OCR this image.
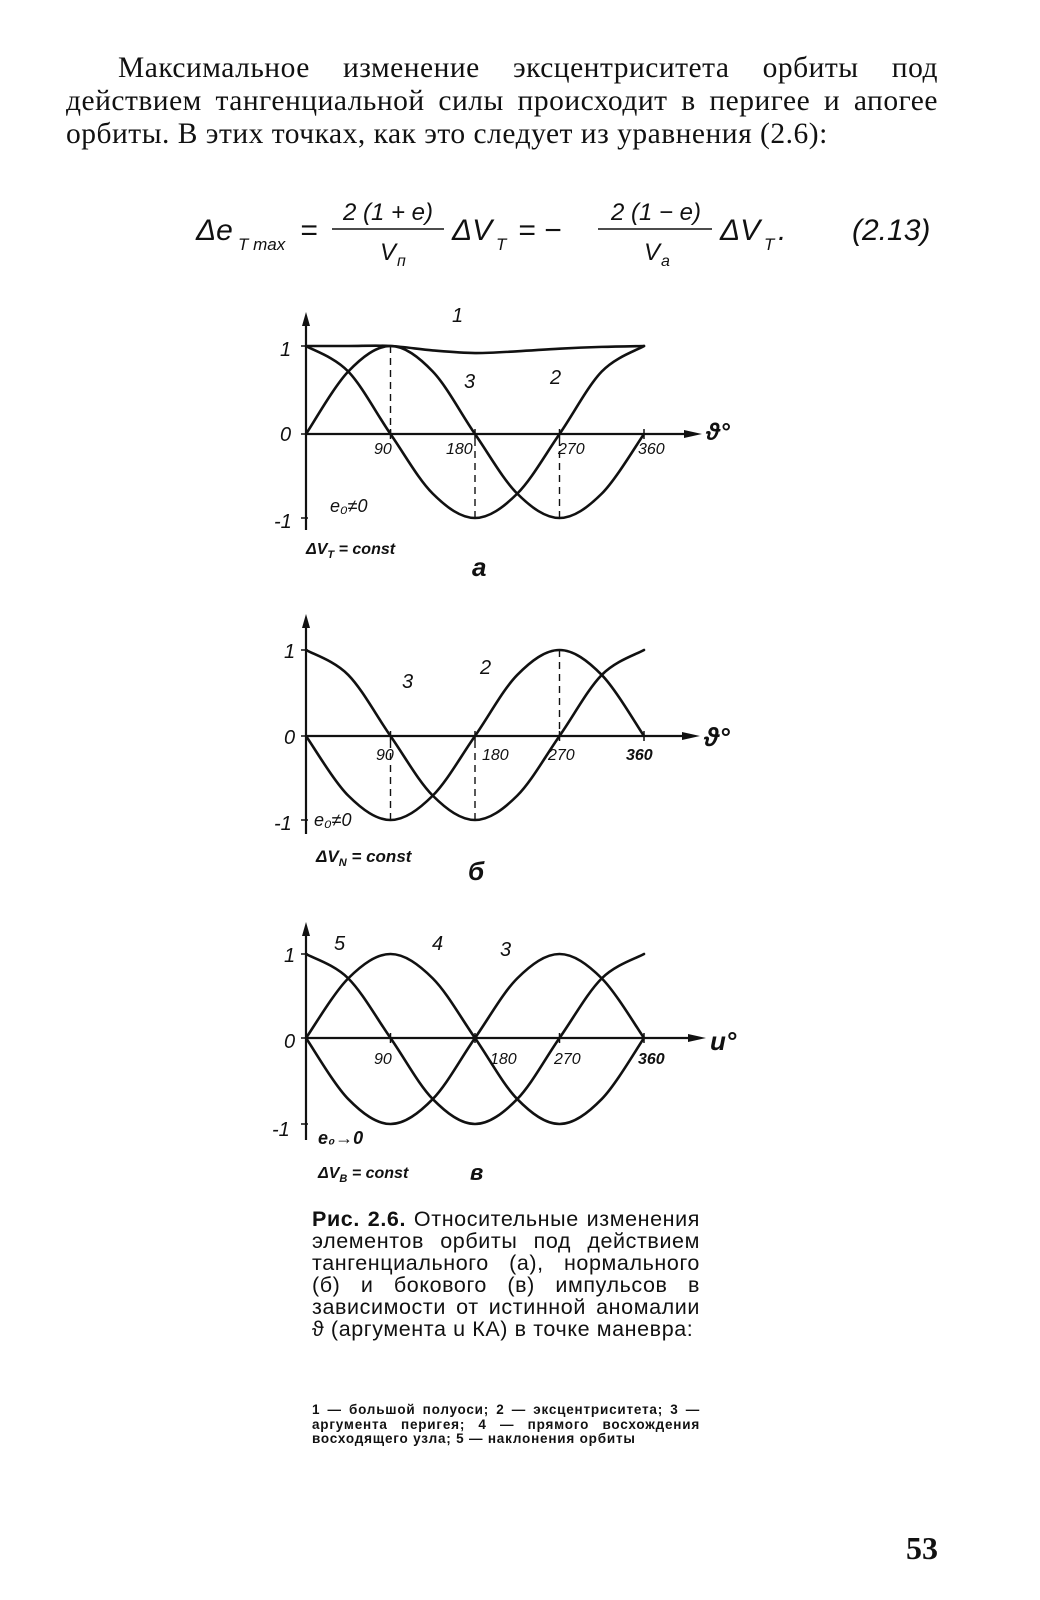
Максимальное изменение эксцентриситета орбиты под действием тангенциальной силы происходит в перигее и апогее орбиты. В этих точках, как это следует из уравнения (2.6):
Δe T max =
2 (1 + e)
V п
ΔV T = −
2 (1 − e)
V а
ΔV T . (2.13)
1
0
-1
90	180	270	360
ϑ°
1
3	2
e₀≠0
$\Delta V_T$ = const
а
1
0
-1
90	180 270	360
ϑ°
3
2
e₀≠0
$\Delta V_N$ = const б
1
0
-1
90	180 270	360
u°
5	4	3
e₀→0
$\Delta V_B$ = const	в
Рис. 2.6. Относительные изменения элементов орбиты под действием тангенциального (а), нормального (б) и бокового (в) импульсов в зависимости от истинной аномалии ϑ (аргумента u КА) в точке маневра:
1 — большой полуоси; 2 — эксцентриситета; 3 — аргумента перигея; 4 — прямого восхождения восходящего узла; 5 — наклонения орбиты
53
